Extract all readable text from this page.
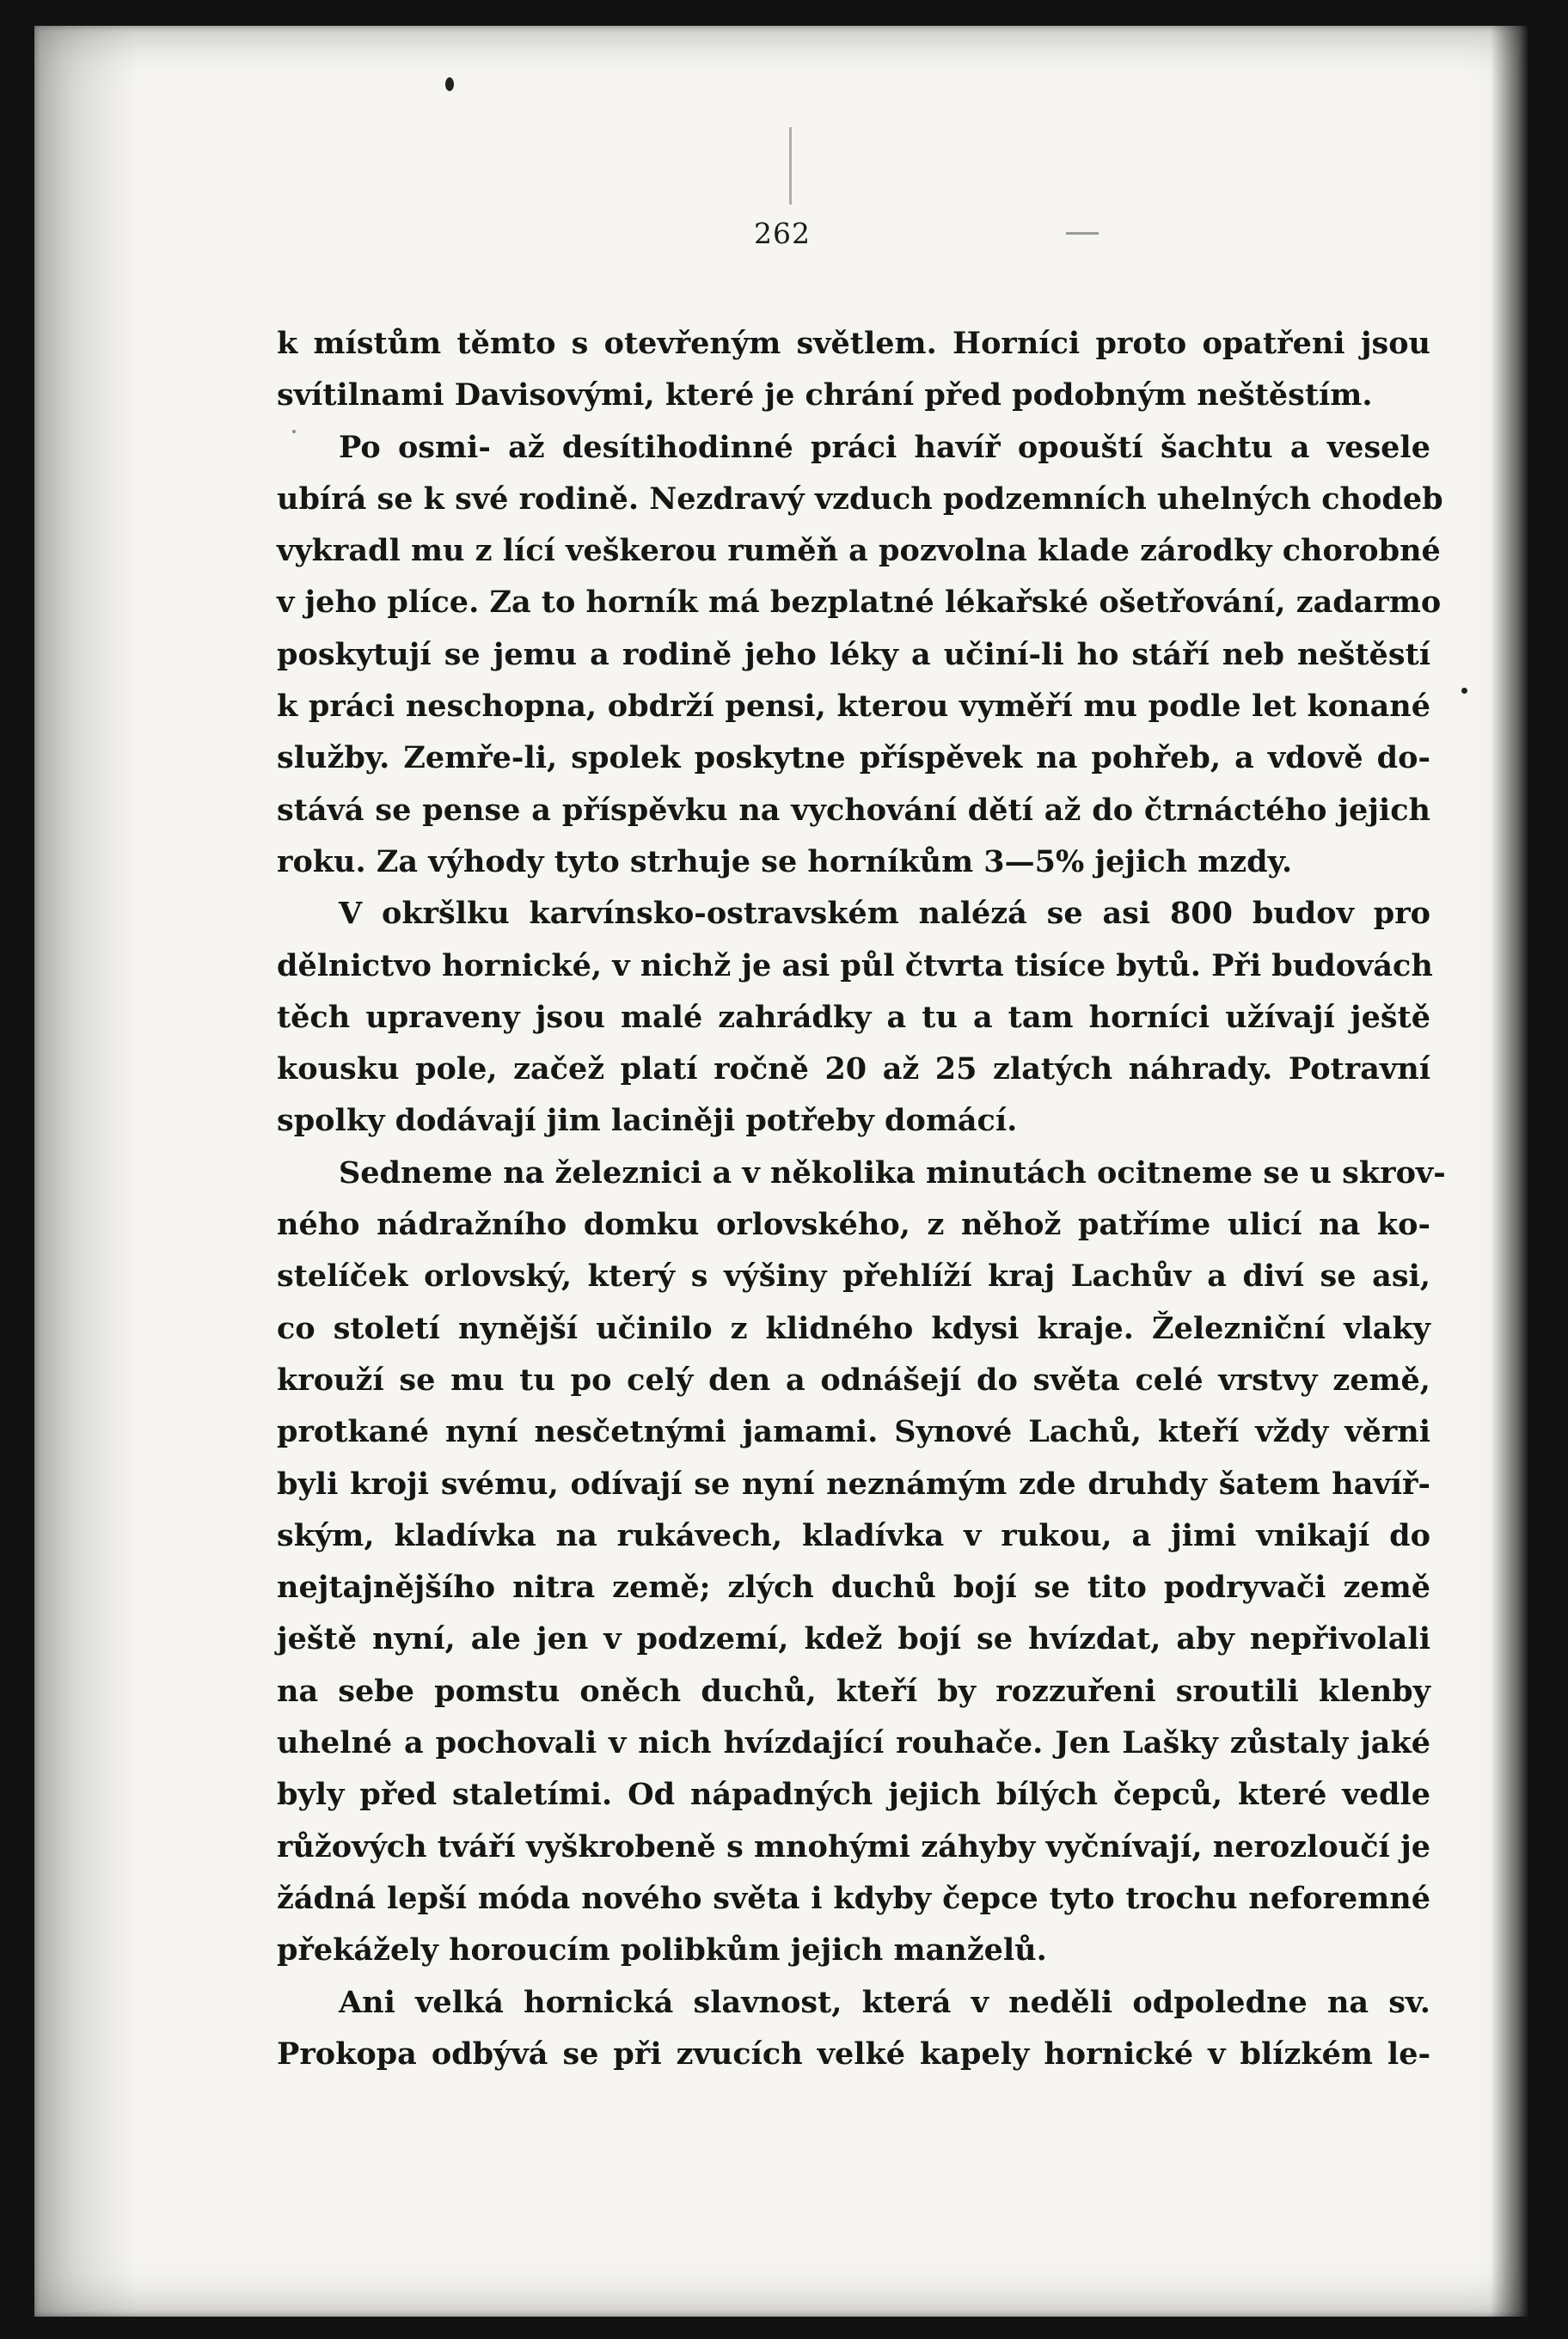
262
k místům těmto s otevřeným světlem. Horníci proto opatřeni jsou
svítilnami Davisovými, které je chrání před podobným neštěstím.
Po osmi- až desítihodinné práci havíř opouští šachtu a vesele
ubírá se k své rodině. Nezdravý vzduch podzemních uhelných chodeb
vykradl mu z lící veškerou ruměň a pozvolna klade zárodky chorobné
v jeho plíce. Za to horník má bezplatné lékařské ošetřování, zadarmo
poskytují se jemu a rodině jeho léky a učiní-li ho stáří neb neštěstí
k práci neschopna, obdrží pensi, kterou vyměří mu podle let konané
služby. Zemře-li, spolek poskytne příspěvek na pohřeb, a vdově do-
stává se pense a příspěvku na vychování dětí až do čtrnáctého jejich
roku. Za výhody tyto strhuje se horníkům 3—5% jejich mzdy.
V okršlku karvínsko-ostravském nalézá se asi 800 budov pro
dělnictvo hornické, v nichž je asi půl čtvrta tisíce bytů. Při budovách
těch upraveny jsou malé zahrádky a tu a tam horníci užívají ještě
kousku pole, začež platí ročně 20 až 25 zlatých náhrady. Potravní
spolky dodávají jim laciněji potřeby domácí.
Sedneme na železnici a v několika minutách ocitneme se u skrov-
ného nádražního domku orlovského, z něhož patříme ulicí na ko-
stelíček orlovský, který s výšiny přehlíží kraj Lachův a diví se asi,
co století nynější učinilo z klidného kdysi kraje. Železniční vlaky
krouží se mu tu po celý den a odnášejí do světa celé vrstvy země,
protkané nyní nesčetnými jamami. Synové Lachů, kteří vždy věrni
byli kroji svému, odívají se nyní neznámým zde druhdy šatem havíř-
ským, kladívka na rukávech, kladívka v rukou, a jimi vnikají do
nejtajnějšího nitra země; zlých duchů bojí se tito podryvači země
ještě nyní, ale jen v podzemí, kdež bojí se hvízdat, aby nepřivolali
na sebe pomstu oněch duchů, kteří by rozzuřeni sroutili klenby
uhelné a pochovali v nich hvízdající rouhače. Jen Lašky zůstaly jaké
byly před staletími. Od nápadných jejich bílých čepců, které vedle
růžových tváří vyškrobeně s mnohými záhyby vyčnívají, nerozloučí je
žádná lepší móda nového světa i kdyby čepce tyto trochu neforemné
překážely horoucím polibkům jejich manželů.
Ani velká hornická slavnost, která v neděli odpoledne na sv.
Prokopa odbývá se při zvucích velké kapely hornické v blízkém le-
